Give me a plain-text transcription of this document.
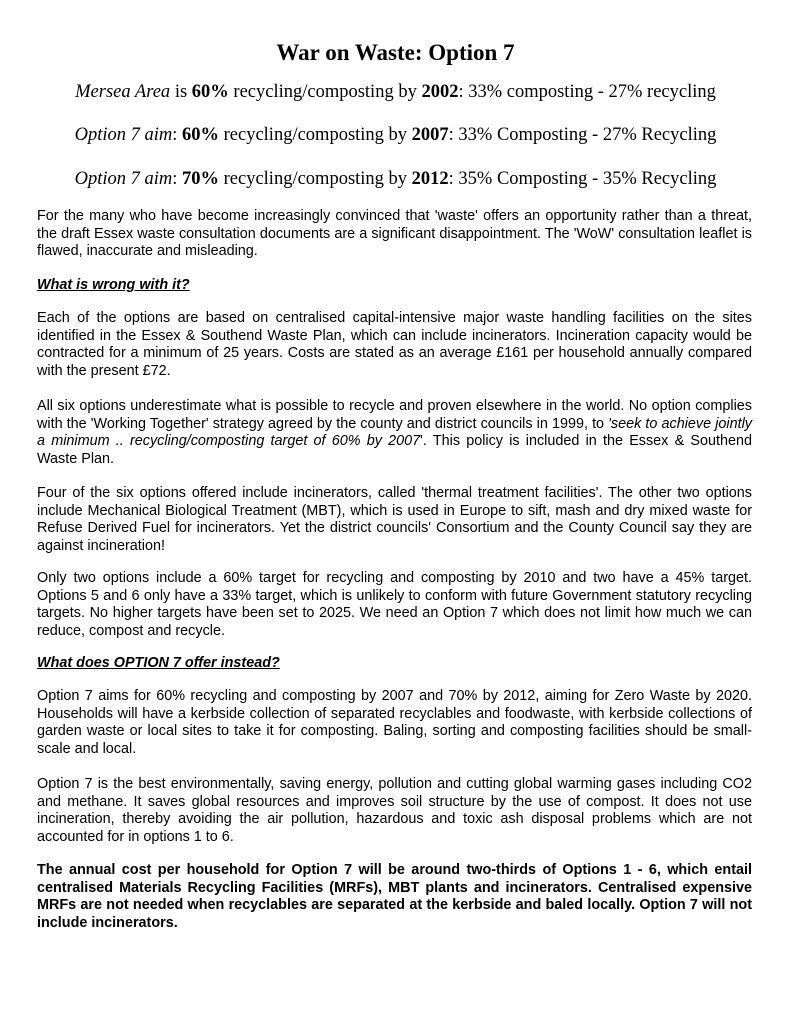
War on Waste: Option 7

Mersea Area is 60% recycling/composting by 2002: 33% composting - 27% recycling

Option 7 aim: 60% recycling/composting by 2007: 33% Composting - 27% Recycling

Option 7 aim: 70% recycling/composting by 2012: 35% Composting - 35% Recycling

For the many who have become increasingly convinced that 'waste' offers an opportunity rather than a threat, the draft Essex waste consultation documents are a significant disappointment. The 'WoW' consultation leaflet is flawed, inaccurate and misleading.

What is wrong with it?

Each of the options are based on centralised capital-intensive major waste handling facilities on the sites identified in the Essex & Southend Waste Plan, which can include incinerators. Incineration capacity would be contracted for a minimum of 25 years. Costs are stated as an average £161 per household annually compared with the present £72.

All six options underestimate what is possible to recycle and proven elsewhere in the world. No option complies with the 'Working Together' strategy agreed by the county and district councils in 1999, to 'seek to achieve jointly a minimum .. recycling/composting target of 60% by 2007'. This policy is included in the Essex & Southend Waste Plan.

Four of the six options offered include incinerators, called 'thermal treatment facilities'. The other two options include Mechanical Biological Treatment (MBT), which is used in Europe to sift, mash and dry mixed waste for Refuse Derived Fuel for incinerators. Yet the district councils' Consortium and the County Council say they are against incineration!

Only two options include a 60% target for recycling and composting by 2010 and two have a 45% target. Options 5 and 6 only have a 33% target, which is unlikely to conform with future Government statutory recycling targets. No higher targets have been set to 2025. We need an Option 7 which does not limit how much we can reduce, compost and recycle.

What does OPTION 7 offer instead?

Option 7 aims for 60% recycling and composting by 2007 and 70% by 2012, aiming for Zero Waste by 2020. Households will have a kerbside collection of separated recyclables and foodwaste, with kerbside collections of garden waste or local sites to take it for composting. Baling, sorting and composting facilities should be small-scale and local.

Option 7 is the best environmentally, saving energy, pollution and cutting global warming gases including CO2 and methane. It saves global resources and improves soil structure by the use of compost. It does not use incineration, thereby avoiding the air pollution, hazardous and toxic ash disposal problems which are not accounted for in options 1 to 6.

The annual cost per household for Option 7 will be around two-thirds of Options 1 - 6, which entail centralised Materials Recycling Facilities (MRFs), MBT plants and incinerators. Centralised expensive MRFs are not needed when recyclables are separated at the kerbside and baled locally. Option 7 will not include incinerators.
